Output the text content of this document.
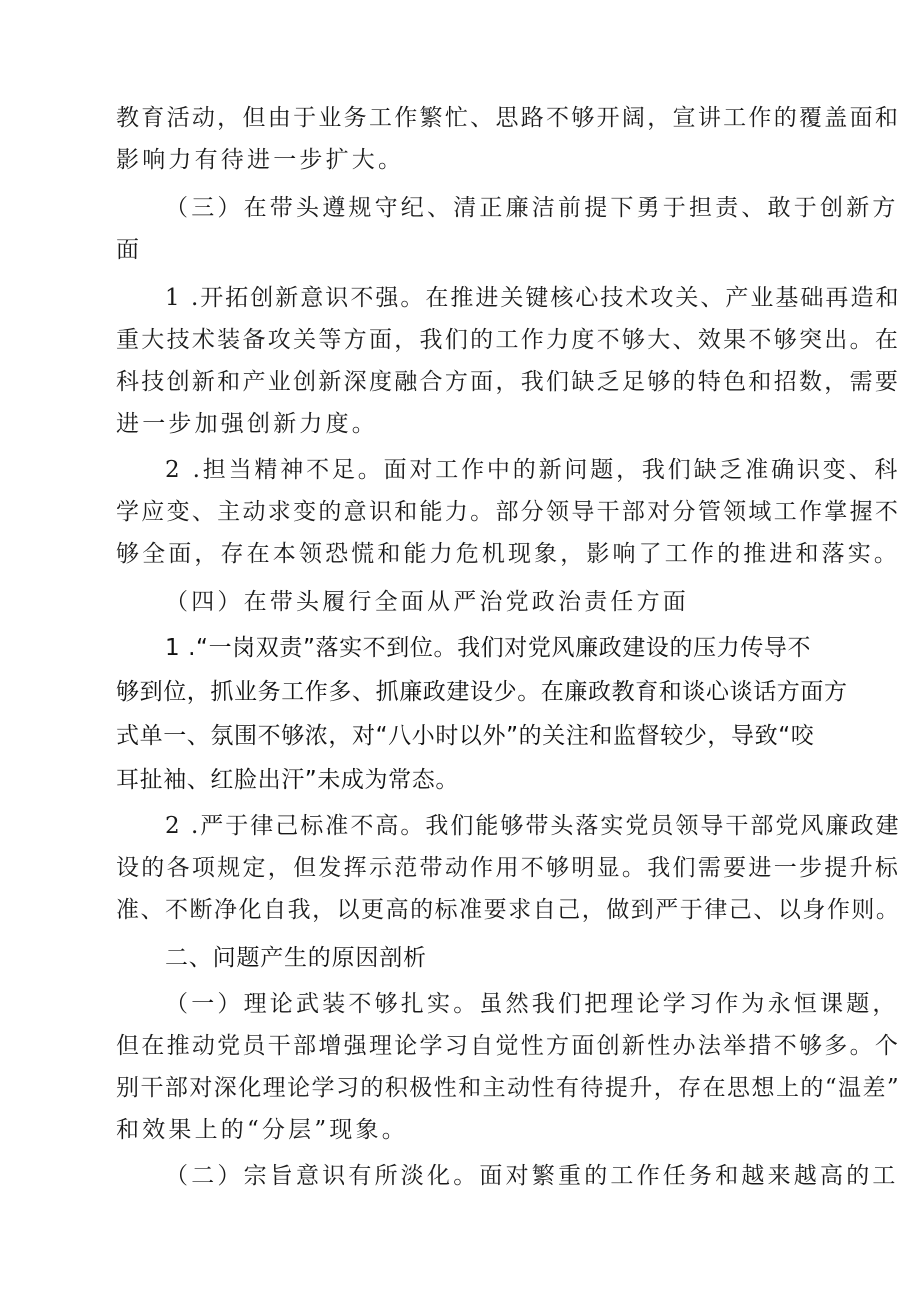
教育活动，但由于业务工作繁忙、思路不够开阔，宣讲工作的覆盖面和
影响力有待进一步扩大。
（三）在带头遵规守纪、清正廉洁前提下勇于担责、敢于创新方
面
1 .开拓创新意识不强。在推进关键核心技术攻关、产业基础再造和
重大技术装备攻关等方面，我们的工作力度不够大、效果不够突出。在
科技创新和产业创新深度融合方面，我们缺乏足够的特色和招数，需要
进一步加强创新力度。
2 .担当精神不足。面对工作中的新问题，我们缺乏准确识变、科
学应变、主动求变的意识和能力。部分领导干部对分管领域工作掌握不
够全面，存在本领恐慌和能力危机现象，影响了工作的推进和落实。
（四）在带头履行全面从严治党政治责任方面
1 .“一岗双责”落实不到位。我们对党风廉政建设的压力传导不
够到位，抓业务工作多、抓廉政建设少。在廉政教育和谈心谈话方面方
式单一、氛围不够浓，对“八小时以外”的关注和监督较少，导致“咬
耳扯袖、红脸出汗”未成为常态。
2 .严于律己标准不高。我们能够带头落实党员领导干部党风廉政建
设的各项规定，但发挥示范带动作用不够明显。我们需要进一步提升标
准、不断净化自我，以更高的标准要求自己，做到严于律己、以身作则。
二、问题产生的原因剖析
（一）理论武装不够扎实。虽然我们把理论学习作为永恒课题，
但在推动党员干部增强理论学习自觉性方面创新性办法举措不够多。个
别干部对深化理论学习的积极性和主动性有待提升，存在思想上的“温差”
和效果上的“分层”现象。
（二）宗旨意识有所淡化。面对繁重的工作任务和越来越高的工
